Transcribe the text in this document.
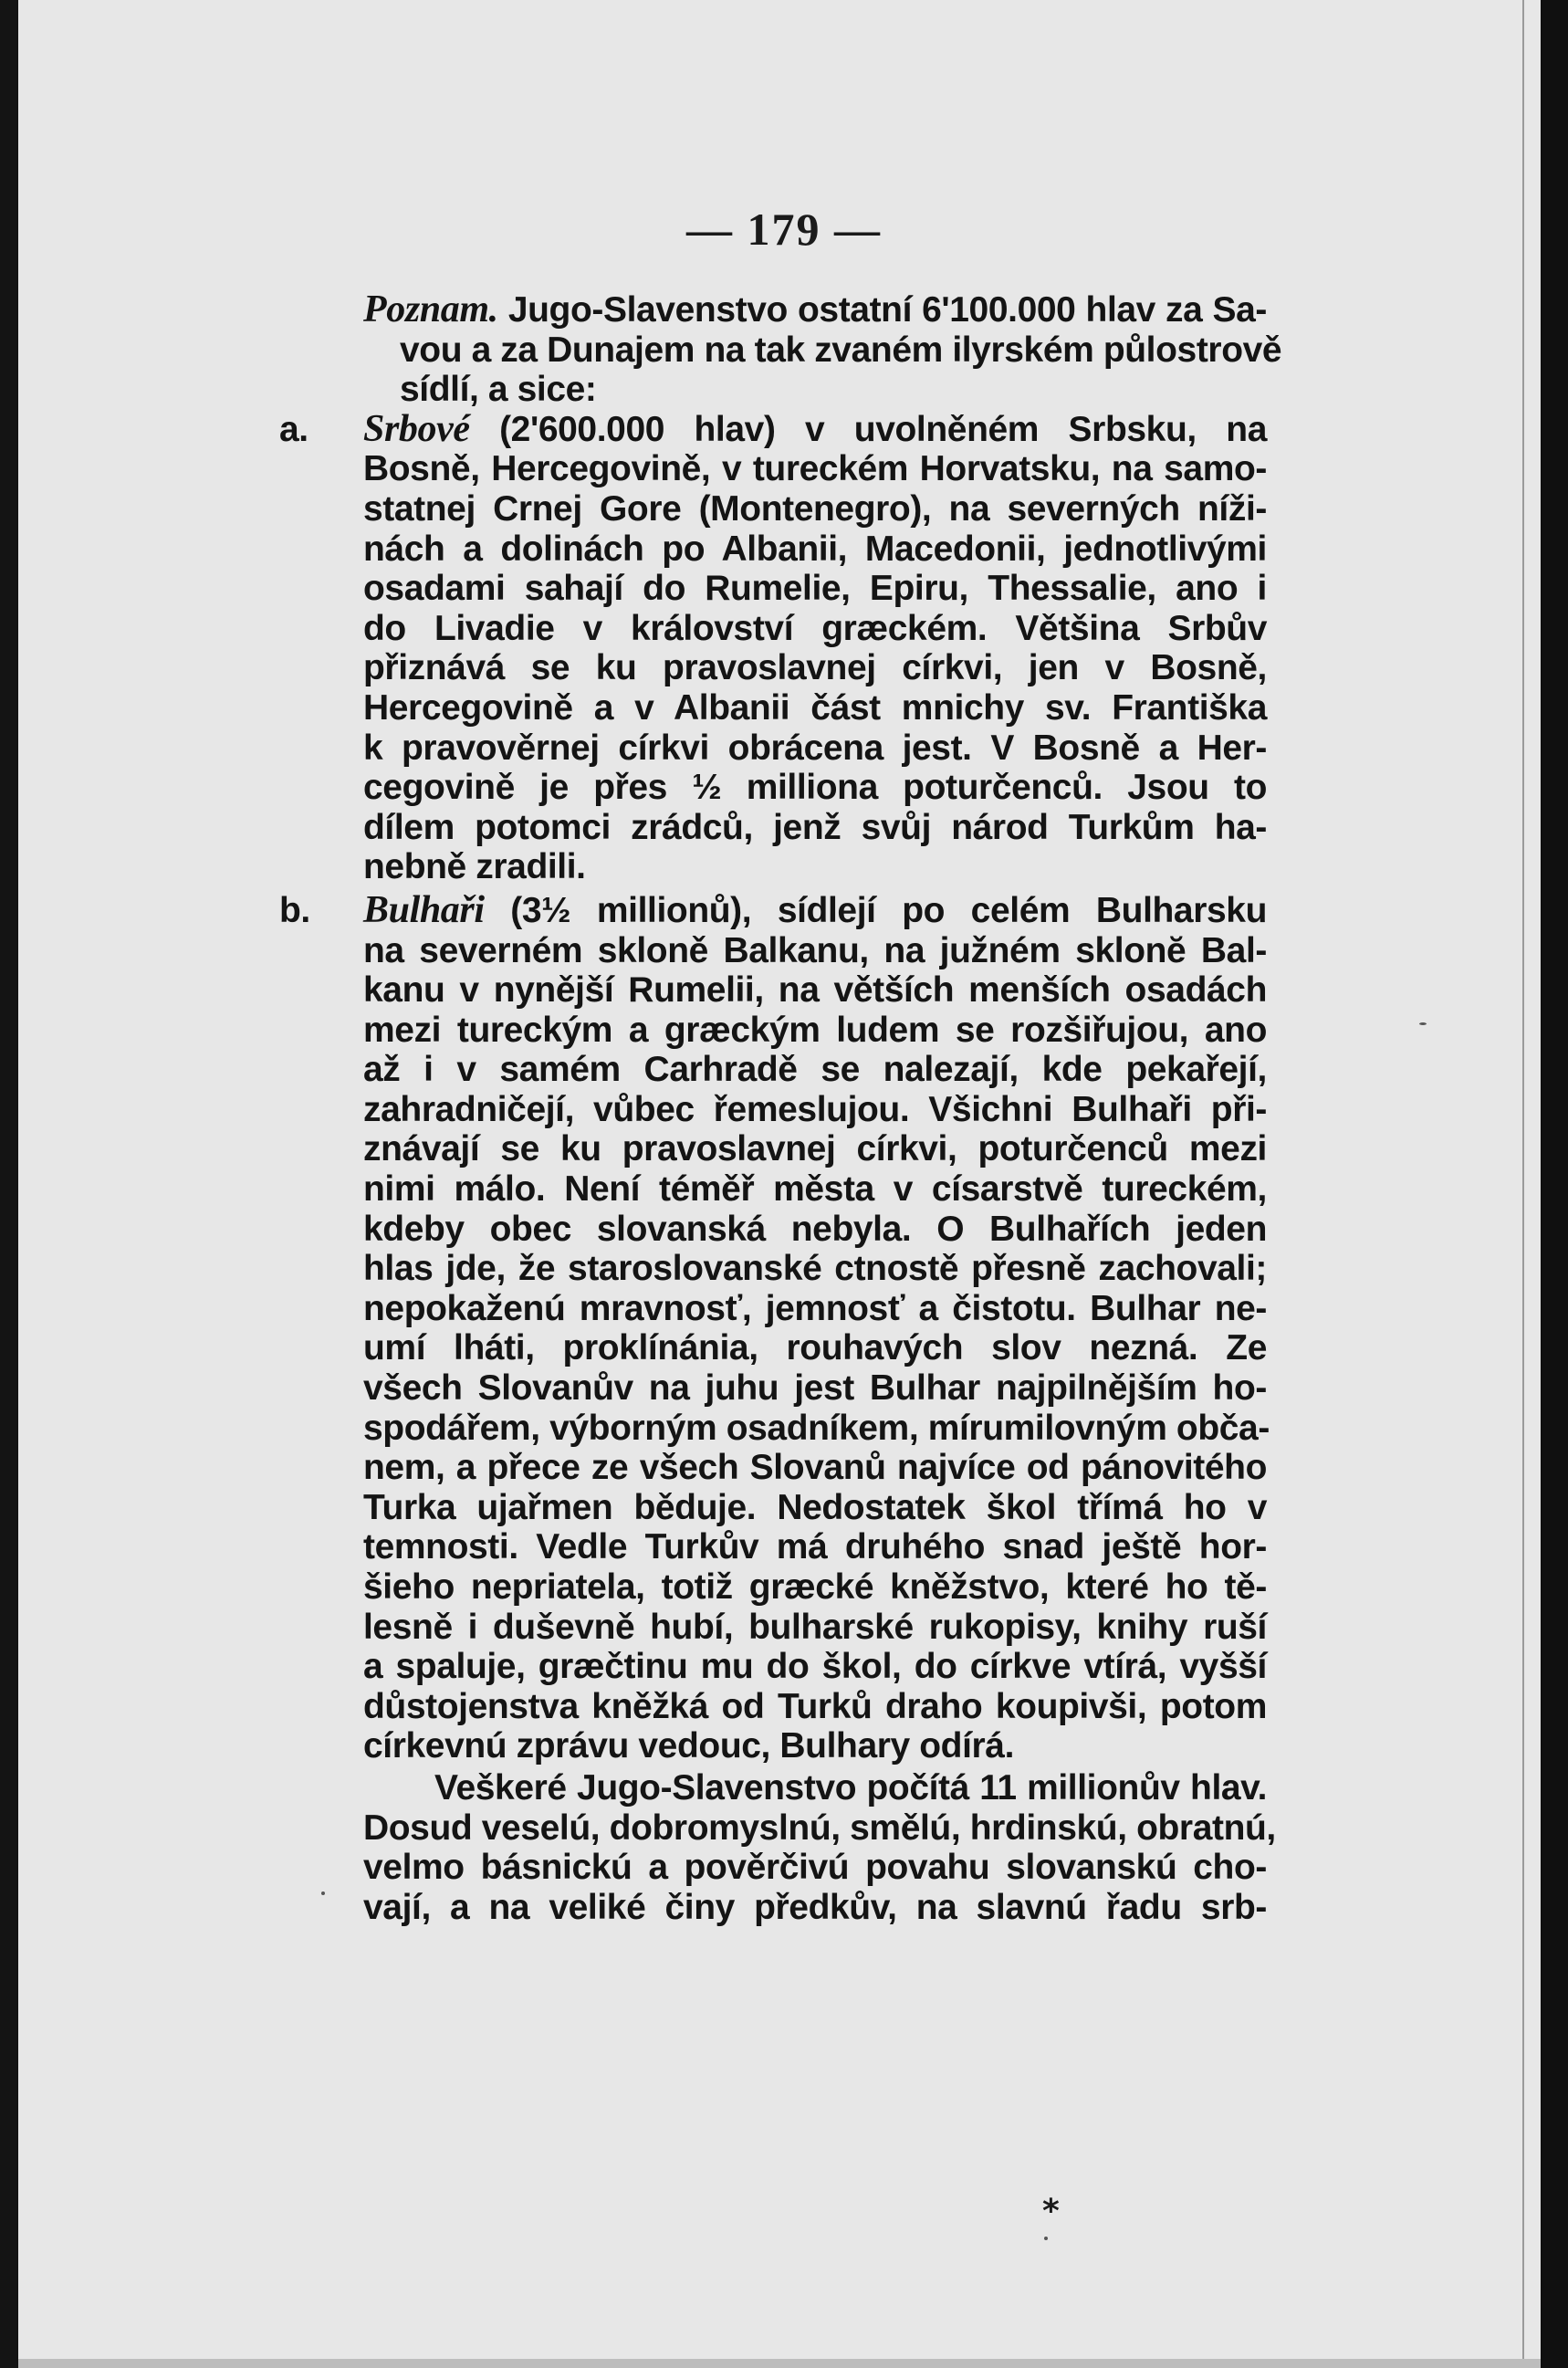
— 179 —
Poznam. Jugo-Slavenstvo ostatní 6'100.000 hlav za Sa-
vou a za Dunajem na tak zvaném ilyrském půlostrově
sídlí, a sice:
a. Srbové (2'600.000 hlav) v uvolněném Srbsku, na
Bosně, Hercegovině, v tureckém Horvatsku, na samo-
statnej Crnej Gore (Montenegro), na severných níži-
nách a dolinách po Albanii, Macedonii, jednotlivými
osadami sahají do Rumelie, Epiru, Thessalie, ano i
do Livadie v království græckém. Většina Srbův
přiznává se ku pravoslavnej církvi, jen v Bosně,
Hercegovině a v Albanii část mnichy sv. Františka
k pravověrnej církvi obrácena jest. V Bosně a Her-
cegovině je přes ½ milliona poturčenců. Jsou to
dílem potomci zrádců, jenž svůj národ Turkům ha-
nebně zradili.
b. Bulhaři (3½ millionů), sídlejí po celém Bulharsku
na severném skloně Balkanu, na južném sklonĕ Bal-
kanu v nynější Rumelii, na větších menších osadách
mezi tureckým a græckým ludem se rozšiřujou, ano
až i v samém Carhradě se nalezají, kde pekařejí,
zahradničejí, vůbec řemeslujou. Všichni Bulhaři při-
znávají se ku pravoslavnej církvi, poturčenců mezi
nimi málo. Není téměř města v císarstvě tureckém,
kdeby obec slovanská nebyla. O Bulhařích jeden
hlas jde, že staroslovanské ctnostě přesně zachovali;
nepokaženú mravnosť, jemnosť a čistotu. Bulhar ne-
umí lháti, proklínánia, rouhavých slov nezná. Ze
všech Slovanův na juhu jest Bulhar najpilnějším ho-
spodářem, výborným osadníkem, mírumilovným obča-
nem, a přece ze všech Slovanů najvíce od pánovitého
Turka ujařmen běduje. Nedostatek škol třímá ho v
temnosti. Vedle Turkův má druhého snad ještě hor-
šieho nepriatela, totiž græcké kněžstvo, které ho tě-
lesně i duševně hubí, bulharské rukopisy, knihy ruší
a spaluje, græčtinu mu do škol, do církve vtírá, vyšší
důstojenstva kněžká od Turků draho koupivši, potom
církevnú zprávu vedouc, Bulhary odírá.
Veškeré Jugo-Slavenstvo počítá 11 millionův hlav.
Dosud veselú, dobromyslnú, smělú, hrdinskú, obratnú,
velmo básnickú a pověrčivú povahu slovanskú cho-
vají, a na veliké činy předkův, na slavnú řadu srb-
*
